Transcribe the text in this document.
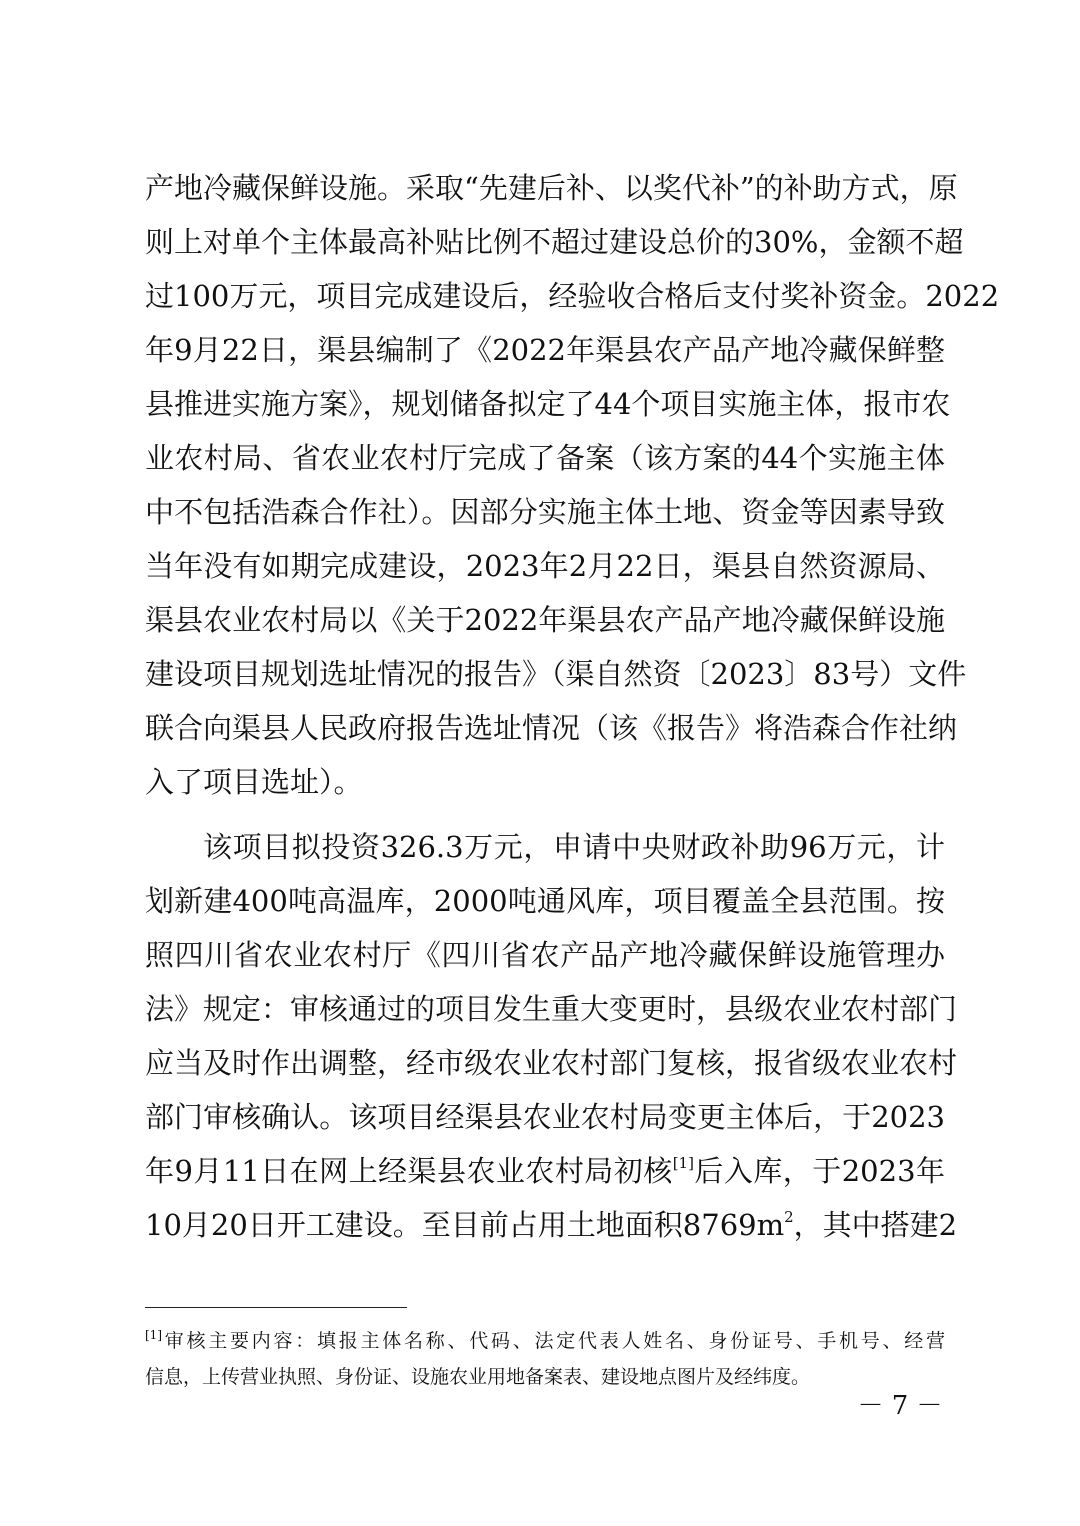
产地冷藏保鲜设施。采取“先建后补、以奖代补”的补助方式，原
则上对单个主体最高补贴比例不超过建设总价的30%，金额不超
过100万元，项目完成建设后，经验收合格后支付奖补资金。2022
年9月22日，渠县编制了《2022年渠县农产品产地冷藏保鲜整
县推进实施方案》，规划储备拟定了44个项目实施主体，报市农
业农村局、省农业农村厅完成了备案（该方案的44个实施主体
中不包括浩森合作社）。因部分实施主体土地、资金等因素导致
当年没有如期完成建设，2023年2月22日，渠县自然资源局、
渠县农业农村局以《关于2022年渠县农产品产地冷藏保鲜设施
建设项目规划选址情况的报告》（渠自然资〔2023〕83号）文件
联合向渠县人民政府报告选址情况（该《报告》将浩森合作社纳
入了项目选址）。
该项目拟投资326.3万元，申请中央财政补助96万元，计
划新建400吨高温库，2000吨通风库，项目覆盖全县范围。按
照四川省农业农村厅《四川省农产品产地冷藏保鲜设施管理办
法》规定：审核通过的项目发生重大变更时，县级农业农村部门
应当及时作出调整，经市级农业农村部门复核，报省级农业农村
部门审核确认。该项目经渠县农业农村局变更主体后，于2023
年9月11日在网上经渠县农业农村局初核[1]后入库，于2023年
10月20日开工建设。至目前占用土地面积$8769m^2$，其中搭建2
[1]审核主要内容：填报主体名称、代码、法定代表人姓名、身份证号、手机号、经营
信息，上传营业执照、身份证、设施农业用地备案表、建设地点图片及经纬度。
－ 7 －
